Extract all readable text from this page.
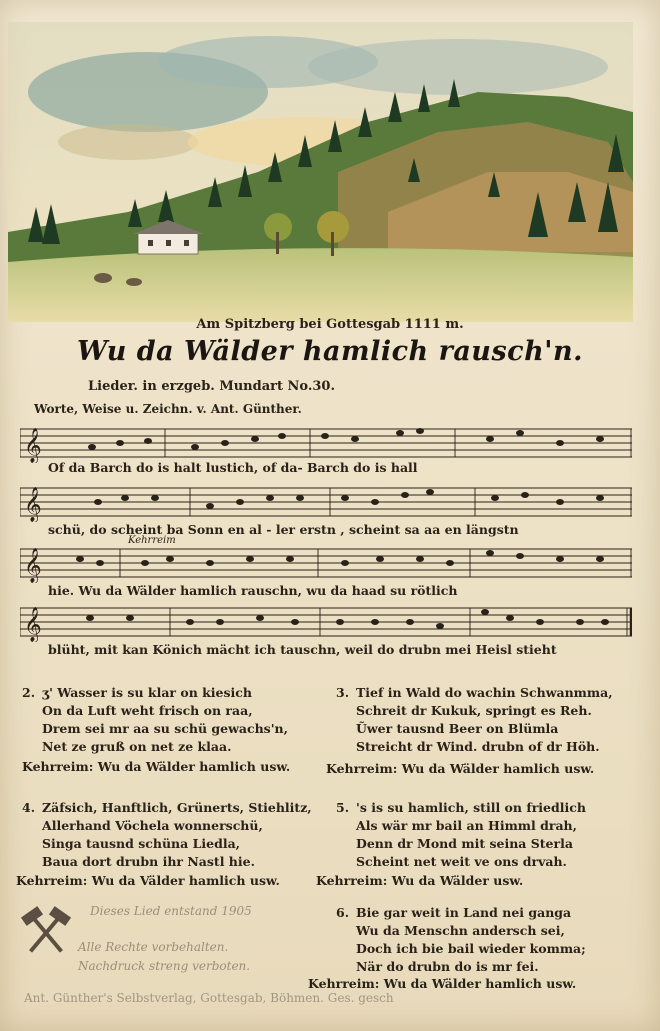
Am Spitzberg bei Gottesgab 1111 m.
Wu da Wälder hamlich rausch'n.
Lieder. in erzgeb. Mundart No.30.
Worte, Weise u. Zeichn. v. Ant. Günther.
𝄞
Of da Barch do is halt lustich, of da- Barch do is hall
𝄞
schü, do scheint ba Sonn en al - ler erstn , scheint sa aa en längstn
𝄞
Kehrreim
hie. Wu da Wälder hamlich rauschn, wu da haad su rötlich
𝄞
blüht, mit kan Könich mächt ich tauschn, weil do drubn mei Heisl stieht
2. ʒ' Wasser is su klar on kiesich
On da Luft weht frisch on raa,
Drem sei mr aa su schü gewachs'n,
Net ze gruß on net ze klaa.
Kehrreim: Wu da Wälder hamlich usw.
3. Tief in Wald do wachin Schwanmma,
Schreit dr Kukuk, springt es Reh.
Ũwer tausnd Beer on Blümla
Streicht dr Wind. drubn of dr Höh.
Kehrreim: Wu da Wälder hamlich usw.
4. Zäfsich, Hanftlich, Grünerts, Stiehlitz,
Allerhand Vöchela wonnerschü,
Singa tausnd schüna Liedla,
Baua dort drubn ihr Nastl hie.
Kehrreim: Wu da Välder hamlich usw.
5. 's is su hamlich, still on friedlich
Als wär mr bail an Himml drah,
Denn dr Mond mit seina Sterla
Scheint net weit ve ons drvah.
Kehrreim: Wu da Wälder usw.
Dieses Lied entstand 1905
Alle Rechte vorbehalten.
Nachdruck streng verboten.
6. Bie gar weit in Land nei ganga
Wu da Menschn andersch sei,
Doch ich bie bail wieder komma;
När do drubn do is mr fei.
Kehrreim: Wu da Wälder hamlich usw.
Ant. Günther's Selbstverlag, Gottesgab, Böhmen. Ges. gesch
